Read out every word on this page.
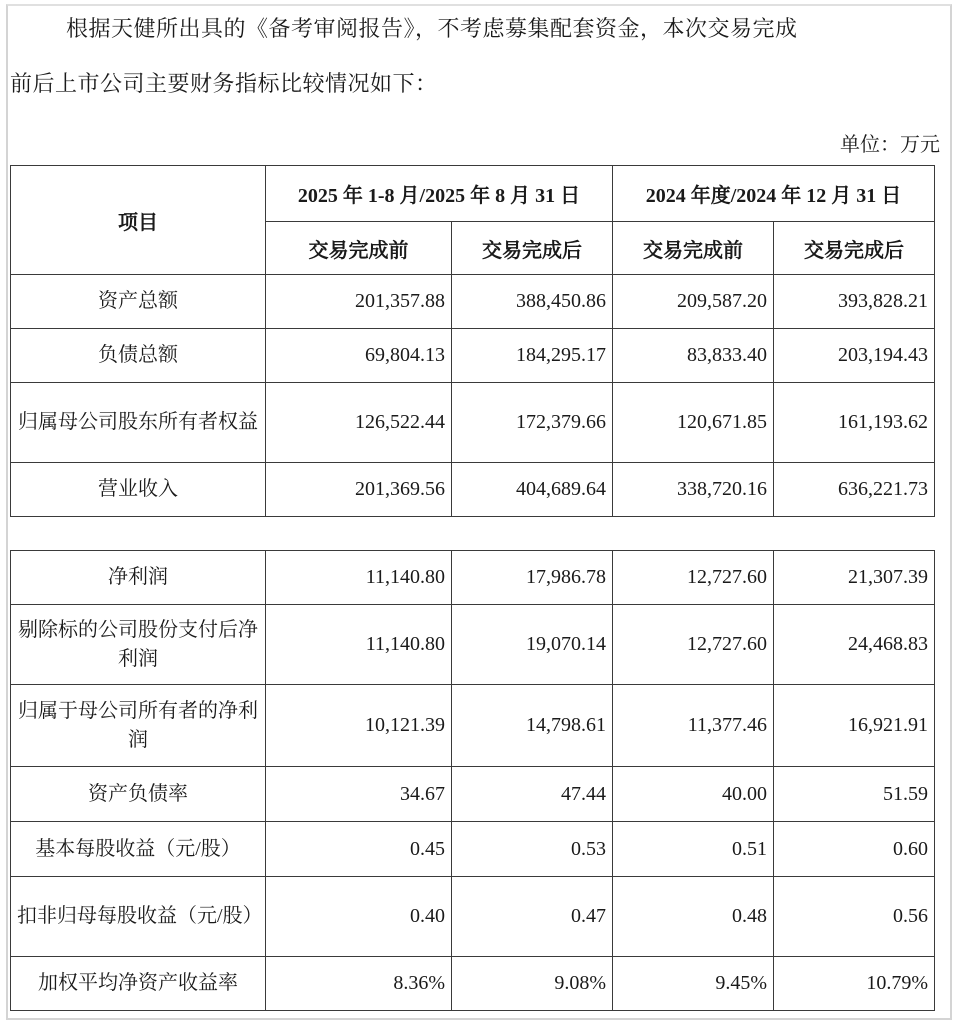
根据天健所出具的《备考审阅报告》，不考虑募集配套资金，本次交易完成
前后上市公司主要财务指标比较情况如下：
单位：万元
项目	2025 年 1-8 月/2025 年 8 月 31 日		2024 年度/2024 年 12 月 31 日	
	交易完成前	交易完成后	交易完成前	交易完成后
资产总额	201,357.88	388,450.86	209,587.20	393,828.21
负债总额	69,804.13	184,295.17	83,833.40	203,194.43
归属母公司股东所有者权益	126,522.44	172,379.66	120,671.85	161,193.62
营业收入	201,369.56	404,689.64	338,720.16	636,221.73
净利润	11,140.80	17,986.78	12,727.60	21,307.39
剔除标的公司股份支付后净利润	11,140.80	19,070.14	12,727.60	24,468.83
归属于母公司所有者的净利润	10,121.39	14,798.61	11,377.46	16,921.91
资产负债率	34.67	47.44	40.00	51.59
基本每股收益（元/股）	0.45	0.53	0.51	0.60
扣非归母每股收益（元/股）	0.40	0.47	0.48	0.56
加权平均净资产收益率	8.36%	9.08%	9.45%	10.79%
